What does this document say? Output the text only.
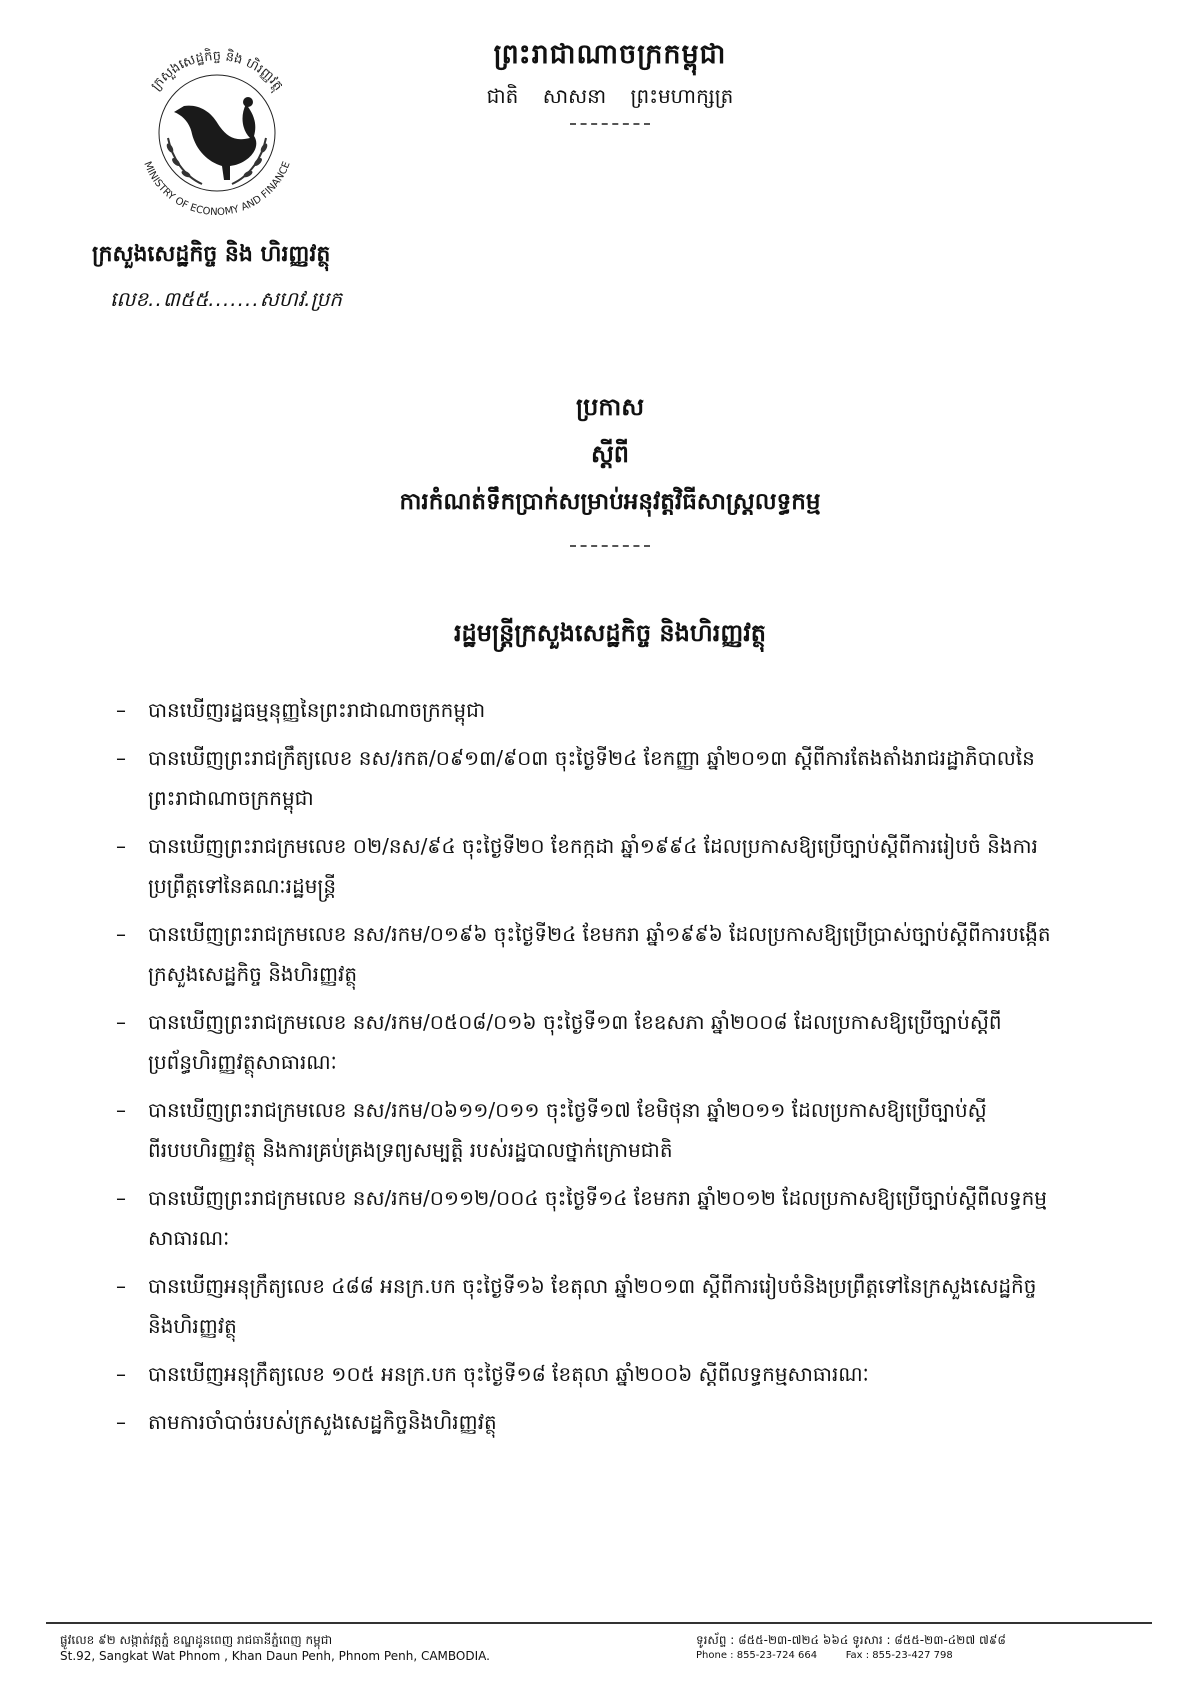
ក្រសួងសេដ្ឋកិច្ច និង ហិរញ្ញវត្ថុ
MINISTRY OF ECONOMY AND FINANCE
ព្រះរាជាណាចក្រកម្ពុជា
ជាតិ សាសនា ព្រះមហាក្សត្រ
ក្រសួងសេដ្ឋកិច្ច និង ហិរញ្ញវត្ថុ
លេខ..៣៥៥.......សហវ.ប្រក
ប្រកាស
ស្តីពី
ការកំណត់ទឹកប្រាក់សម្រាប់អនុវត្តវិធីសាស្ត្រលទ្ធកម្ម
រដ្ឋមន្ត្រីក្រសួងសេដ្ឋកិច្ច និងហិរញ្ញវត្ថុ
– បានឃើញរដ្ឋធម្មនុញ្ញនៃព្រះរាជាណាចក្រកម្ពុជា
– បានឃើញព្រះរាជក្រឹត្យលេខ នស/រកត/០៩១៣/៩០៣ ចុះថ្ងៃទី២៤ ខែកញ្ញា ឆ្នាំ២០១៣ ស្តីពីការតែងតាំងរាជរដ្ឋាភិបាលនៃព្រះរាជាណាចក្រកម្ពុជា
– បានឃើញព្រះរាជក្រមលេខ ០២/នស/៩៤ ចុះថ្ងៃទី២០ ខែកក្កដា ឆ្នាំ១៩៩៤ ដែលប្រកាសឱ្យប្រើច្បាប់ស្តីពីការរៀបចំ និងការប្រព្រឹត្តទៅនៃគណៈរដ្ឋមន្ត្រី
– បានឃើញព្រះរាជក្រមលេខ នស/រកម/០១៩៦ ចុះថ្ងៃទី២៤ ខែមករា ឆ្នាំ១៩៩៦ ដែលប្រកាសឱ្យប្រើប្រាស់ច្បាប់ស្តីពីការបង្កើតក្រសួងសេដ្ឋកិច្ច និងហិរញ្ញវត្ថុ
– បានឃើញព្រះរាជក្រមលេខ នស/រកម/០៥០៨/០១៦ ចុះថ្ងៃទី១៣ ខែឧសភា ឆ្នាំ២០០៨ ដែលប្រកាសឱ្យប្រើច្បាប់ស្តីពីប្រព័ន្ធហិរញ្ញវត្ថុសាធារណៈ
– បានឃើញព្រះរាជក្រមលេខ នស/រកម/០៦១១/០១១ ចុះថ្ងៃទី១៧ ខែមិថុនា ឆ្នាំ២០១១ ដែលប្រកាសឱ្យប្រើច្បាប់ស្តីពីរបបហិរញ្ញវត្ថុ និងការគ្រប់គ្រងទ្រព្យសម្បត្តិ របស់រដ្ឋបាលថ្នាក់ក្រោមជាតិ
– បានឃើញព្រះរាជក្រមលេខ នស/រកម/០១១២/០០៤ ចុះថ្ងៃទី១៤ ខែមករា ឆ្នាំ២០១២ ដែលប្រកាសឱ្យប្រើច្បាប់ស្តីពីលទ្ធកម្មសាធារណៈ
– បានឃើញអនុក្រឹត្យលេខ ៤៨៨ អនក្រ.បក ចុះថ្ងៃទី១៦ ខែតុលា ឆ្នាំ២០១៣ ស្តីពីការរៀបចំនិងប្រព្រឹត្តទៅនៃក្រសួងសេដ្ឋកិច្ច និងហិរញ្ញវត្ថុ
– បានឃើញអនុក្រឹត្យលេខ ១០៥ អនក្រ.បក ចុះថ្ងៃទី១៨ ខែតុលា ឆ្នាំ២០០៦ ស្តីពីលទ្ធកម្មសាធារណៈ
– តាមការចាំបាច់របស់ក្រសួងសេដ្ឋកិច្ចនិងហិរញ្ញវត្ថុ
ផ្លូវលេខ ៩២ សង្កាត់វត្តភ្នំ ខណ្ឌដូនពេញ រាជធានីភ្នំពេញ កម្ពុជា
St.92, Sangkat Wat Phnom , Khan Daun Penh, Phnom Penh, CAMBODIA.
ទូរស័ព្ទ : ៨៥៥-២៣-៧២៤ ៦៦៤ ទូរសារ : ៨៥៥-២៣-៤២៧ ៧៩៨
Phone : 855-23-724 664	Fax : 855-23-427 798
